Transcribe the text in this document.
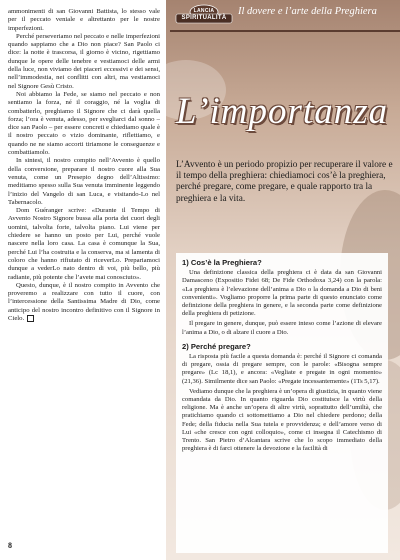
ammonimenti di san Giovanni Battista, lo stesso vale per il peccato veniale e altrettanto per le nostre imperfezioni.

Perché perseveriamo nel peccato e nelle imperfezioni quando sappiamo che a Dio non piace? San Paolo ci dice: la notte è trascorsa, il giorno è vicino, rigettiamo dunque le opere delle tenebre e vestiamoci delle armi della luce, non viviamo dei piaceri eccessivi e dei sensi, nell’immodestia, nei conflitti con altri, ma vestiamoci nel Signore Gesù Cristo.

Noi abbiamo la Fede, se siamo nel peccato e non sentiamo la forza, né il coraggio, né la voglia di combatterlo, preghiamo il Signore che ci darà quella forza; l’ora è venuta, adesso, per svegliarci dal sonno – dice san Paolo – per essere concreti e chiediamo quale è il nostro peccato o vizio dominante, riflettiamo, e quando ne ne siamo accorti tiriamone le conseguenze e combattiamolo.

In sintesi, il nostro compito nell’Avvento è quello della conversione, preparare il nostro cuore alla Sua venuta, come un Presepio degno dell’Altissimo: meditiamo spesso sulla Sua venuta imminente leggendo l’inizio del Vangelo di san Luca, e visitando-Lo nel Tabernacolo.

Dom Guéranger scrive: «Durante il Tempo di Avvento Nostro Signore bussa alla porta dei cuori degli uomini, talvolta forte, talvolta piano. Lui viene per chiedere se hanno un posto per Lui, perché vuole nascere nella loro casa. La casa è comunque la Sua, perché Lui l’ha costruita e la conserva, ma si lamenta di coloro che hanno rifiutato di riceverLo. Prepariamoci dunque a vederLo nato dentro di voi, più bello, più radiante, più potente che l’avete mai conosciuto».

Questo, dunque, è il nostro compito in Avvento che proveremo a realizzare con tutto il cuore, con l’intercessione della Santissima Madre di Dio, come anticipo del nostro incontro definitivo con il Signore in Cielo.

8
LANCIA
SPIRITUALITÀ
Il dovere e l’arte della Preghiera
L’importanza
L’Avvento è un periodo propizio per recuperare il valore e il tempo della preghiera: chiediamoci cos’è la preghiera, perché pregare, come pregare, e quale rapporto tra la preghiera e la vita.
1) Cos’è la Preghiera?

Una definizione classica della preghiera ci è data da san Giovanni Damasceno (Expositio Fidei 68; De Fide Orthodoxa 3,24) con la parola: «La preghiera è l’elevazione dell’anima a Dio o la domanda a Dio di beni convenienti». Vogliamo proporre la prima parte di questo enunciato come definizione della preghiera in genere, e la seconda parte come definizione della preghiera di petizione.

Il pregare in genere, dunque, può essere inteso come l’azione di elevare l’anima a Dio, o di alzare il cuore a Dio.

2) Perché pregare?

La risposta più facile a questa domanda è: perché il Signore ci comanda di pregare, ossia di pregare sempre, con le parole: «Bisogna sempre pregare» (Lc 18,1), e ancora: «Vegliate e pregate in ogni momento» (21,36). Similmente dice san Paolo: «Pregate incessantemente» (1Ts 5,17).

Vediamo dunque che la preghiera è un’opera di giustizia, in quanto viene comandata da Dio. In quanto riguarda Dio costituisce la virtù della religione. Ma è anche un’opera di altre virtù, soprattutto dell’umiltà, che pratichiamo quando ci sottomettiamo a Dio nel chiedere perdono; della Fede; della fiducia nella Sua tutela e provvidenza; e dell’amore verso di Lui «che cresce con ogni colloquio», come ci insegna il Catechismo di Trento. San Pietro d’Alcantara scrive che lo scopo immediato della preghiera è di farci ottenere la devozione e la facilità di
